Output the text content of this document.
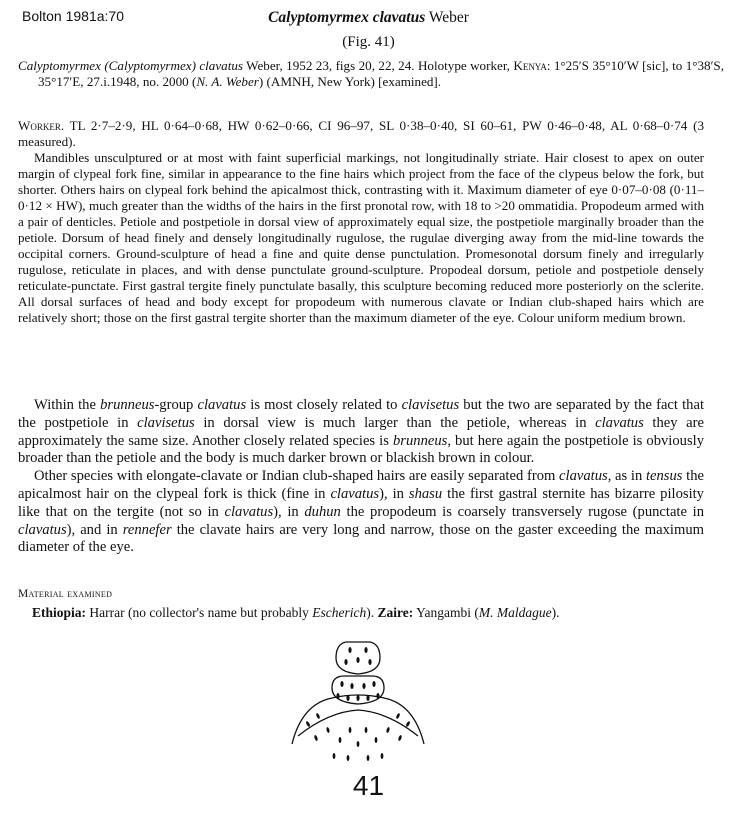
Bolton 1981a:70	Calyptomyrmex clavatus Weber
(Fig. 41)
Calyptomyrmex (Calyptomyrmex) clavatus Weber, 1952 23, figs 20, 22, 24. Holotype worker, Kenya: 1°25′S 35°10′W [sic], to 1°38′S, 35°17′E, 27.i.1948, no. 2000 (N. A. Weber) (AMNH, New York) [examined].

Worker. TL 2·7–2·9, HL 0·64–0·68, HW 0·62–0·66, CI 96–97, SL 0·38–0·40, SI 60–61, PW 0·46–0·48, AL 0·68–0·74 (3 measured).

Mandibles unsculptured or at most with faint superficial markings, not longitudinally striate. Hair closest to apex on outer margin of clypeal fork fine, similar in appearance to the fine hairs which project from the face of the clypeus below the fork, but shorter. Others hairs on clypeal fork behind the apicalmost thick, contrasting with it. Maximum diameter of eye 0·07–0·08 (0·11–0·12 × HW), much greater than the widths of the hairs in the first pronotal row, with 18 to >20 ommatidia. Propodeum armed with a pair of denticles. Petiole and postpetiole in dorsal view of approximately equal size, the postpetiole marginally broader than the petiole. Dorsum of head finely and densely longitudinally rugulose, the rugulae diverging away from the mid-line towards the occipital corners. Ground-sculpture of head a fine and quite dense punctulation. Promesonotal dorsum finely and irregularly rugulose, reticulate in places, and with dense punctulate ground-sculpture. Propodeal dorsum, petiole and postpetiole densely reticulate-punctate. First gastral tergite finely punctulate basally, this sculpture becoming reduced more posteriorly on the sclerite. All dorsal surfaces of head and body except for propodeum with numerous clavate or Indian club-shaped hairs which are relatively short; those on the first gastral tergite shorter than the maximum diameter of the eye. Colour uniform medium brown.

Within the brunneus-group clavatus is most closely related to clavisetus but the two are separated by the fact that the postpetiole in clavisetus in dorsal view is much larger than the petiole, whereas in clavatus they are approximately the same size. Another closely related species is brunneus, but here again the postpetiole is obviously broader than the petiole and the body is much darker brown or blackish brown in colour.

Other species with elongate-clavate or Indian club-shaped hairs are easily separated from clavatus, as in tensus the apicalmost hair on the clypeal fork is thick (fine in clavatus), in shasu the first gastral sternite has bizarre pilosity like that on the tergite (not so in clavatus), in duhun the propodeum is coarsely transversely rugose (punctate in clavatus), and in rennefer the clavate hairs are very long and narrow, those on the gaster exceeding the maximum diameter of the eye.

Material examined
Ethiopia: Harrar (no collector's name but probably Escherich). Zaire: Yangambi (M. Maldague).
41
